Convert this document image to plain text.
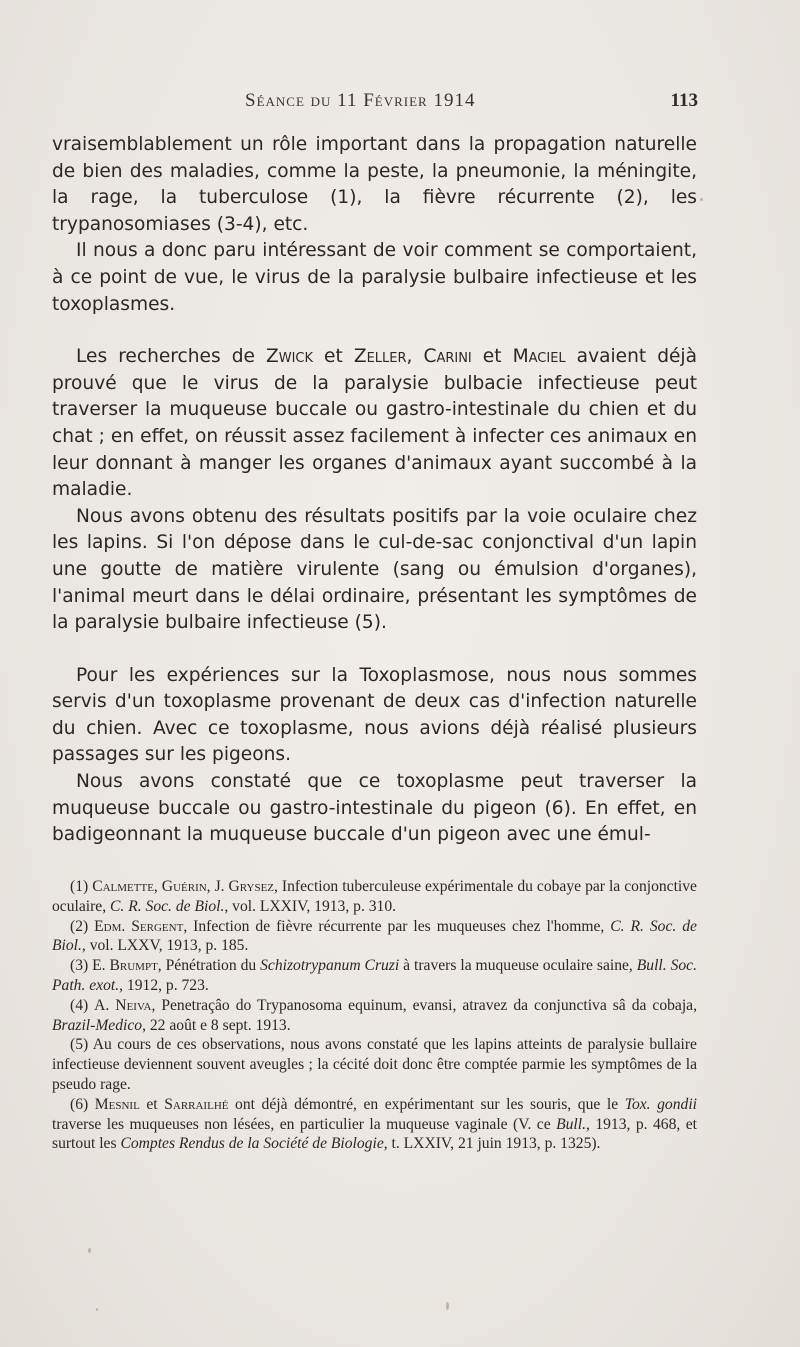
Séance du 11 Février 1914	113

vraisemblablement un rôle important dans la propagation naturelle de bien des maladies, comme la peste, la pneumonie, la méningite, la rage, la tuberculose (1), la fièvre récurrente (2), les trypanosomiases (3-4), etc.

Il nous a donc paru intéressant de voir comment se comportaient, à ce point de vue, le virus de la paralysie bulbaire infectieuse et les toxoplasmes.

Les recherches de Zwick et Zeller, Carini et Maciel avaient déjà prouvé que le virus de la paralysie bulbacie infectieuse peut traverser la muqueuse buccale ou gastro-intestinale du chien et du chat ; en effet, on réussit assez facilement à infecter ces animaux en leur donnant à manger les organes d'animaux ayant succombé à la maladie.

Nous avons obtenu des résultats positifs par la voie oculaire chez les lapins. Si l'on dépose dans le cul-de-sac conjonctival d'un lapin une goutte de matière virulente (sang ou émulsion d'organes), l'animal meurt dans le délai ordinaire, présentant les symptômes de la paralysie bulbaire infectieuse (5).

Pour les expériences sur la Toxoplasmose, nous nous sommes servis d'un toxoplasme provenant de deux cas d'infection naturelle du chien. Avec ce toxoplasme, nous avions déjà réalisé plusieurs passages sur les pigeons.

Nous avons constaté que ce toxoplasme peut traverser la muqueuse buccale ou gastro-intestinale du pigeon (6). En effet, en badigeonnant la muqueuse buccale d'un pigeon avec une émul-

(1) Calmette, Guérin, J. Grysez, Infection tuberculeuse expérimentale du cobaye par la conjonctive oculaire, C. R. Soc. de Biol., vol. LXXIV, 1913, p. 310.

(2) Edm. Sergent, Infection de fièvre récurrente par les muqueuses chez l'homme, C. R. Soc. de Biol., vol. LXXV, 1913, p. 185.

(3) E. Brumpt, Pénétration du Schizotrypanum Cruzi à travers la muqueuse oculaire saine, Bull. Soc. Path. exot., 1912, p. 723.

(4) A. Neiva, Penetraçâo do Trypanosoma equinum, evansi, atravez da conjunctiva sâ da cobaja, Brazil-Medico, 22 août e 8 sept. 1913.

(5) Au cours de ces observations, nous avons constaté que les lapins atteints de paralysie bullaire infectieuse deviennent souvent aveugles ; la cécité doit donc être comptée parmie les symptômes de la pseudo rage.

(6) Mesnil et Sarrailhé ont déjà démontré, en expérimentant sur les souris, que le Tox. gondii traverse les muqueuses non lésées, en particulier la muqueuse vaginale (V. ce Bull., 1913, p. 468, et surtout les Comptes Rendus de la Société de Biologie, t. LXXIV, 21 juin 1913, p. 1325).
